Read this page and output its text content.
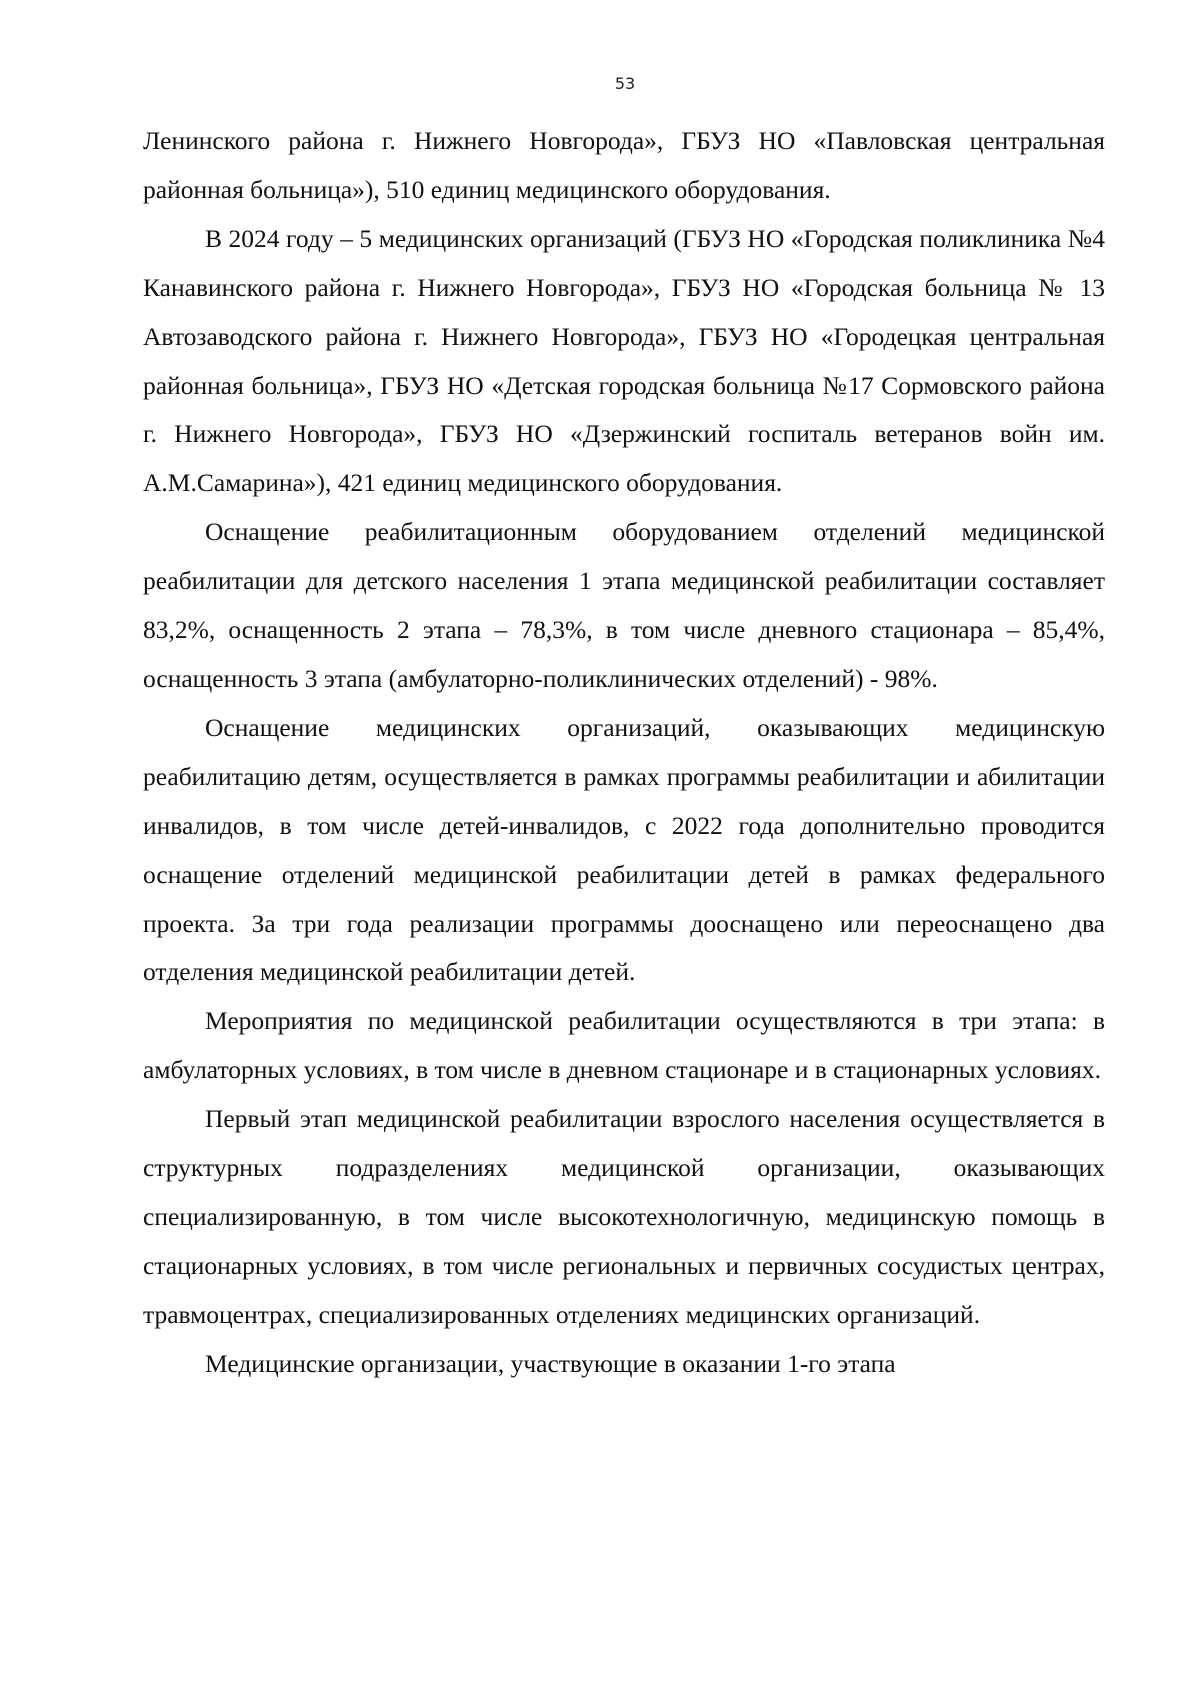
53

Ленинского района г. Нижнего Новгорода», ГБУЗ НО «Павловская центральная районная больница»), 510 единиц медицинского оборудования.

В 2024 году – 5 медицинских организаций (ГБУЗ НО «Городская поликлиника №4 Канавинского района г. Нижнего Новгорода», ГБУЗ НО «Городская больница № 13 Автозаводского района г. Нижнего Новгорода», ГБУЗ НО «Городецкая центральная районная больница», ГБУЗ НО «Детская городская больница №17 Сормовского района г. Нижнего Новгорода», ГБУЗ НО «Дзержинский госпиталь ветеранов войн им. А.М.Самарина»), 421 единиц медицинского оборудования.

Оснащение реабилитационным оборудованием отделений медицинской реабилитации для детского населения 1 этапа медицинской реабилитации составляет 83,2%, оснащенность 2 этапа – 78,3%, в том числе дневного стационара – 85,4%, оснащенность 3 этапа (амбулаторно-поликлинических отделений) - 98%.

Оснащение медицинских организаций, оказывающих медицинскую реабилитацию детям, осуществляется в рамках программы реабилитации и абилитации инвалидов, в том числе детей-инвалидов, с 2022 года дополнительно проводится оснащение отделений медицинской реабилитации детей в рамках федерального проекта. За три года реализации программы дооснащено или переоснащено два отделения медицинской реабилитации детей.

Мероприятия по медицинской реабилитации осуществляются в три этапа: в амбулаторных условиях, в том числе в дневном стационаре и в стационарных условиях.

Первый этап медицинской реабилитации взрослого населения осуществляется в структурных подразделениях медицинской организации, оказывающих специализированную, в том числе высокотехнологичную, медицинскую помощь в стационарных условиях, в том числе региональных и первичных сосудистых центрах, травмоцентрах, специализированных отделениях медицинских организаций.

Медицинские организации, участвующие в оказании 1-го этапа
